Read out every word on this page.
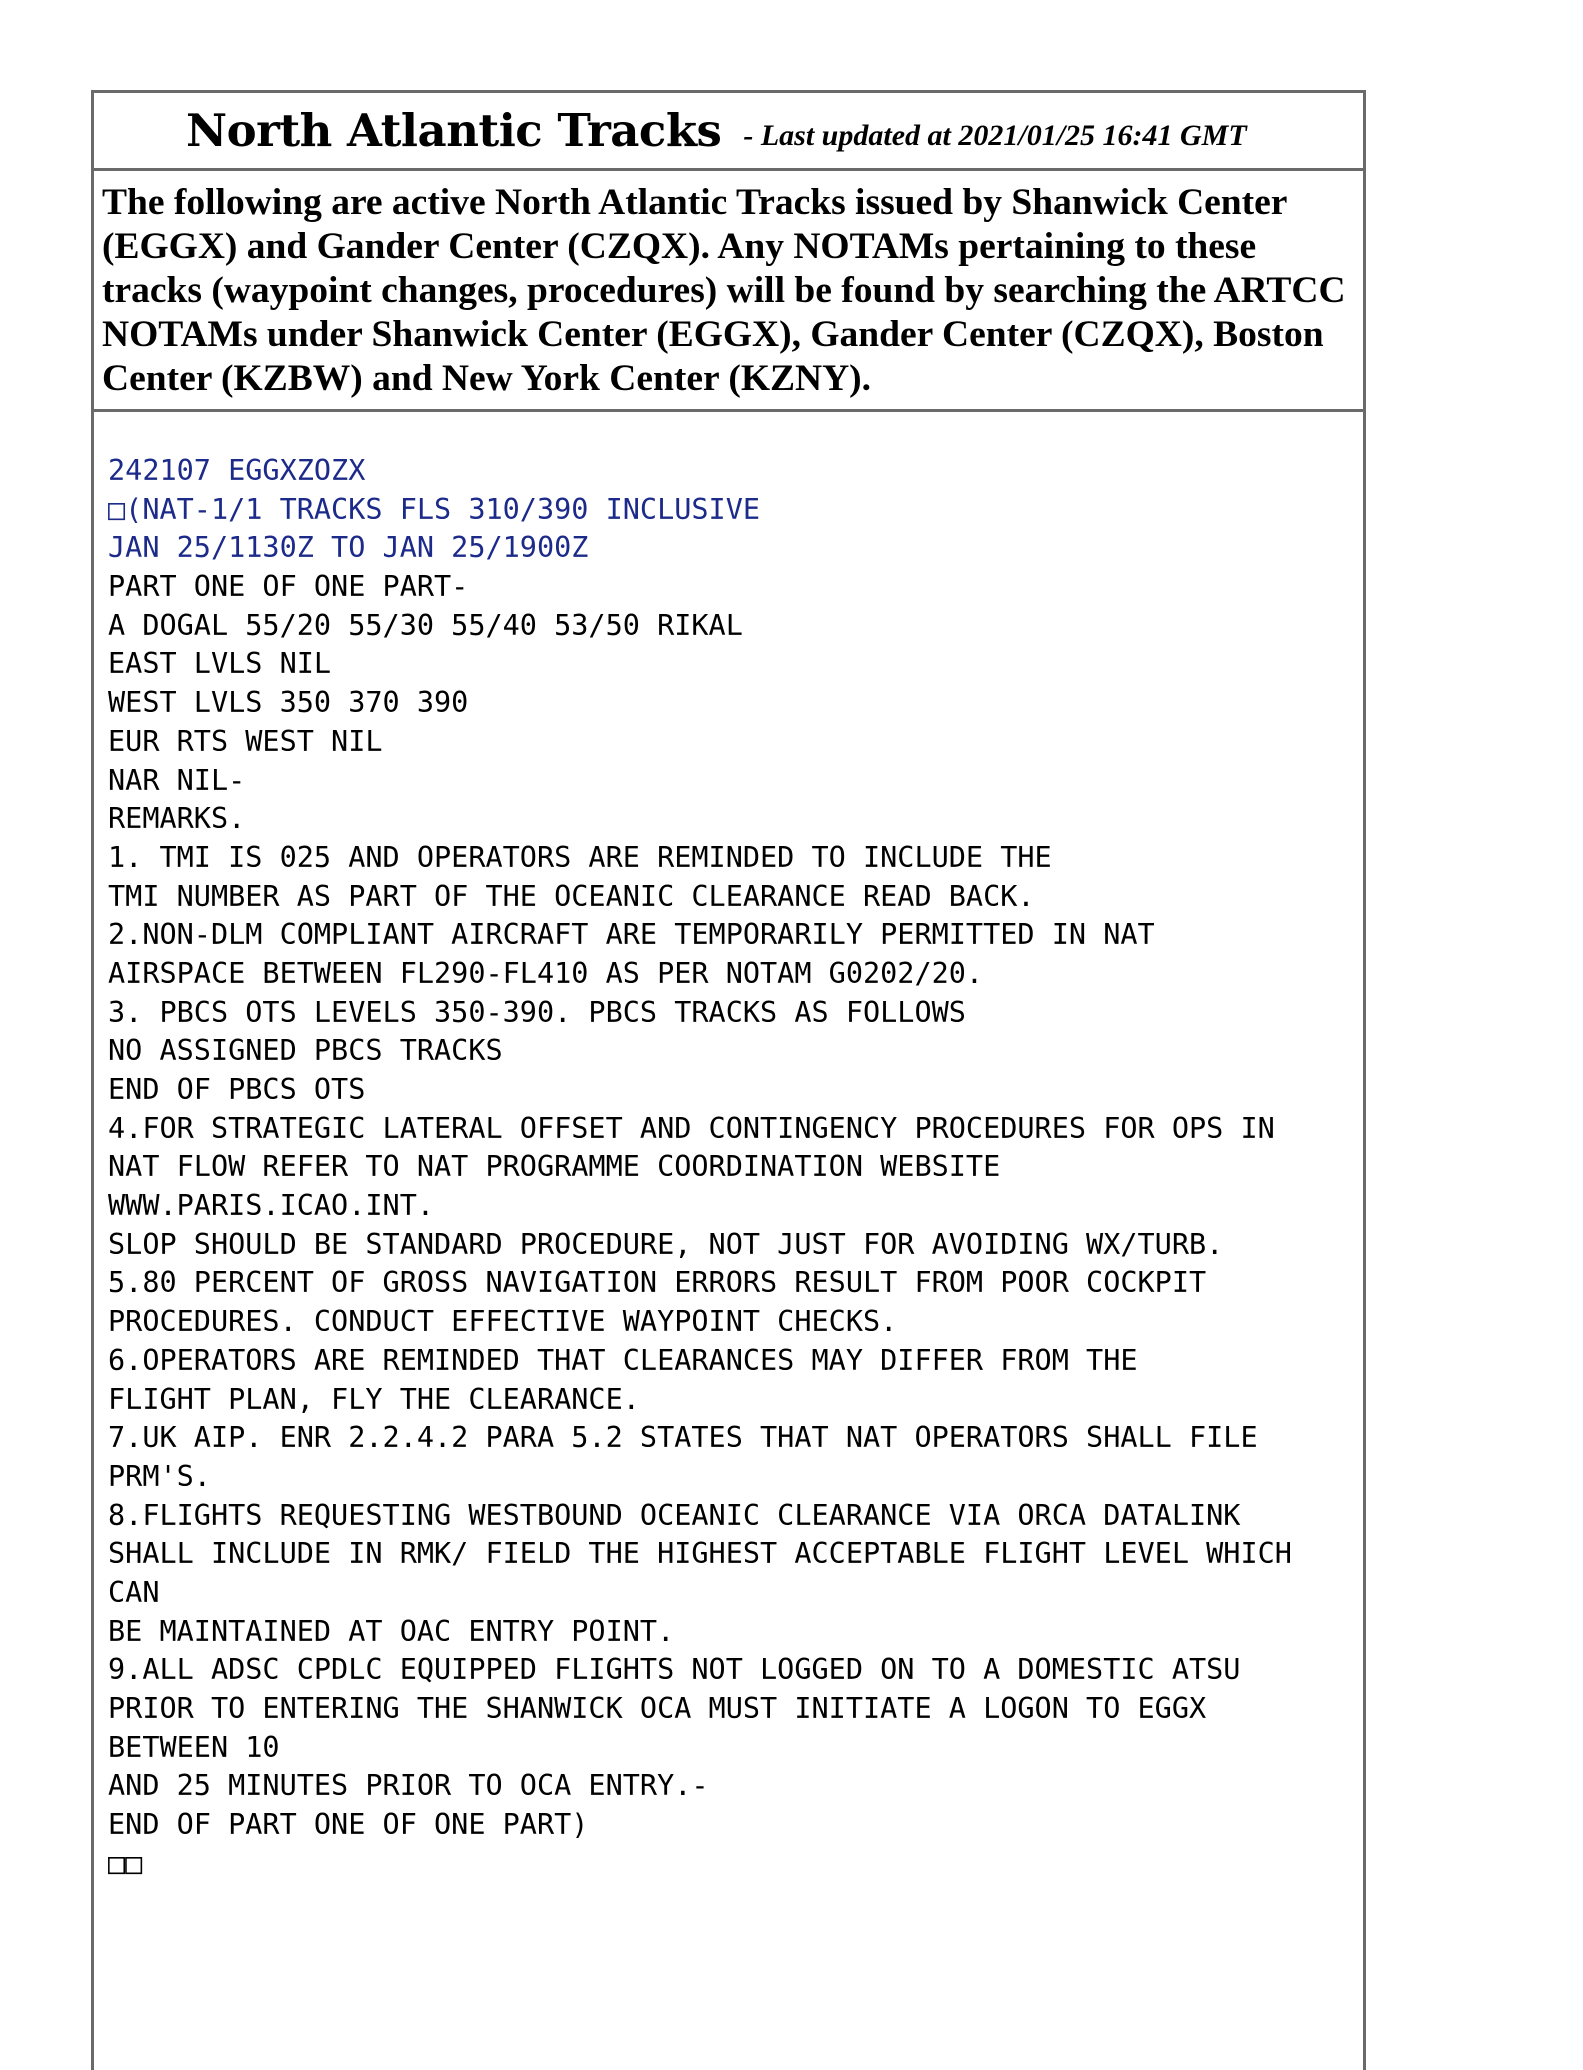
North Atlantic Tracks - Last updated at 2021/01/25 16:41 GMT

The following are active North Atlantic Tracks issued by Shanwick Center (EGGX) and Gander Center (CZQX). Any NOTAMs pertaining to these tracks (waypoint changes, procedures) will be found by searching the ARTCC NOTAMs under Shanwick Center (EGGX), Gander Center (CZQX), Boston Center (KZBW) and New York Center (KZNY).

242107 EGGXZOZX
□(NAT-1/1 TRACKS FLS 310/390 INCLUSIVE
JAN 25/1130Z TO JAN 25/1900Z
PART ONE OF ONE PART-
A DOGAL 55/20 55/30 55/40 53/50 RIKAL
EAST LVLS NIL
WEST LVLS 350 370 390
EUR RTS WEST NIL
NAR NIL-
REMARKS.
1. TMI IS 025 AND OPERATORS ARE REMINDED TO INCLUDE THE
TMI NUMBER AS PART OF THE OCEANIC CLEARANCE READ BACK.
2.NON-DLM COMPLIANT AIRCRAFT ARE TEMPORARILY PERMITTED IN NAT
AIRSPACE BETWEEN FL290-FL410 AS PER NOTAM G0202/20.
3. PBCS OTS LEVELS 350-390. PBCS TRACKS AS FOLLOWS
NO ASSIGNED PBCS TRACKS
END OF PBCS OTS
4.FOR STRATEGIC LATERAL OFFSET AND CONTINGENCY PROCEDURES FOR OPS IN
NAT FLOW REFER TO NAT PROGRAMME COORDINATION WEBSITE
WWW.PARIS.ICAO.INT.
SLOP SHOULD BE STANDARD PROCEDURE, NOT JUST FOR AVOIDING WX/TURB.
5.80 PERCENT OF GROSS NAVIGATION ERRORS RESULT FROM POOR COCKPIT
PROCEDURES. CONDUCT EFFECTIVE WAYPOINT CHECKS.
6.OPERATORS ARE REMINDED THAT CLEARANCES MAY DIFFER FROM THE
FLIGHT PLAN, FLY THE CLEARANCE.
7.UK AIP. ENR 2.2.4.2 PARA 5.2 STATES THAT NAT OPERATORS SHALL FILE
PRM'S.
8.FLIGHTS REQUESTING WESTBOUND OCEANIC CLEARANCE VIA ORCA DATALINK
SHALL INCLUDE IN RMK/ FIELD THE HIGHEST ACCEPTABLE FLIGHT LEVEL WHICH
CAN
BE MAINTAINED AT OAC ENTRY POINT.
9.ALL ADSC CPDLC EQUIPPED FLIGHTS NOT LOGGED ON TO A DOMESTIC ATSU
PRIOR TO ENTERING THE SHANWICK OCA MUST INITIATE A LOGON TO EGGX
BETWEEN 10
AND 25 MINUTES PRIOR TO OCA ENTRY.-
END OF PART ONE OF ONE PART)
□□
